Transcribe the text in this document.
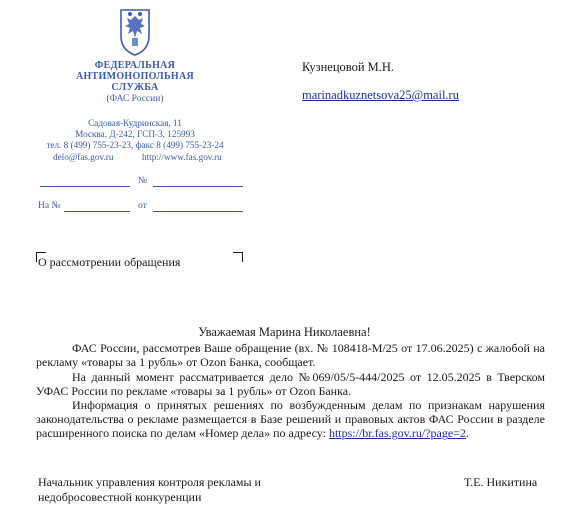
ФЕДЕРАЛЬНАЯ
АНТИМОНОПОЛЬНАЯ
СЛУЖБА
(ФАС России)
Садовая-Кудринская, 11
Москва, Д-242, ГСП-3, 125993
тел. 8 (499) 755-23-23, факс 8 (499) 755-23-24
delo@fas.gov.ru	http://www.fas.gov.ru
№
На №	от
Кузнецовой М.Н.
marinadkuznetsova25@mail.ru
О рассмотрении обращения
Уважаемая Марина Николаевна!
ФАС России, рассмотрев Ваше обращение (вх. № 108418-М/25 от 17.06.2025) с жалобой на рекламу «товары за 1 рубль» от Ozon Банка, сообщает.
На данный момент рассматривается дело №069/05/5-444/2025 от 12.05.2025 в Тверском УФАС России по рекламе «товары за 1 рубль» от Ozon Банка.
Информация о принятых решениях по возбужденным делам по признакам нарушения законодательства о рекламе размещается в Базе решений и правовых актов ФАС России в разделе расширенного поиска по делам «Номер дела» по адресу: https://br.fas.gov.ru/?page=2.
Начальник управления контроля рекламы и
недобросовестной конкуренции
Т.Е. Никитина
